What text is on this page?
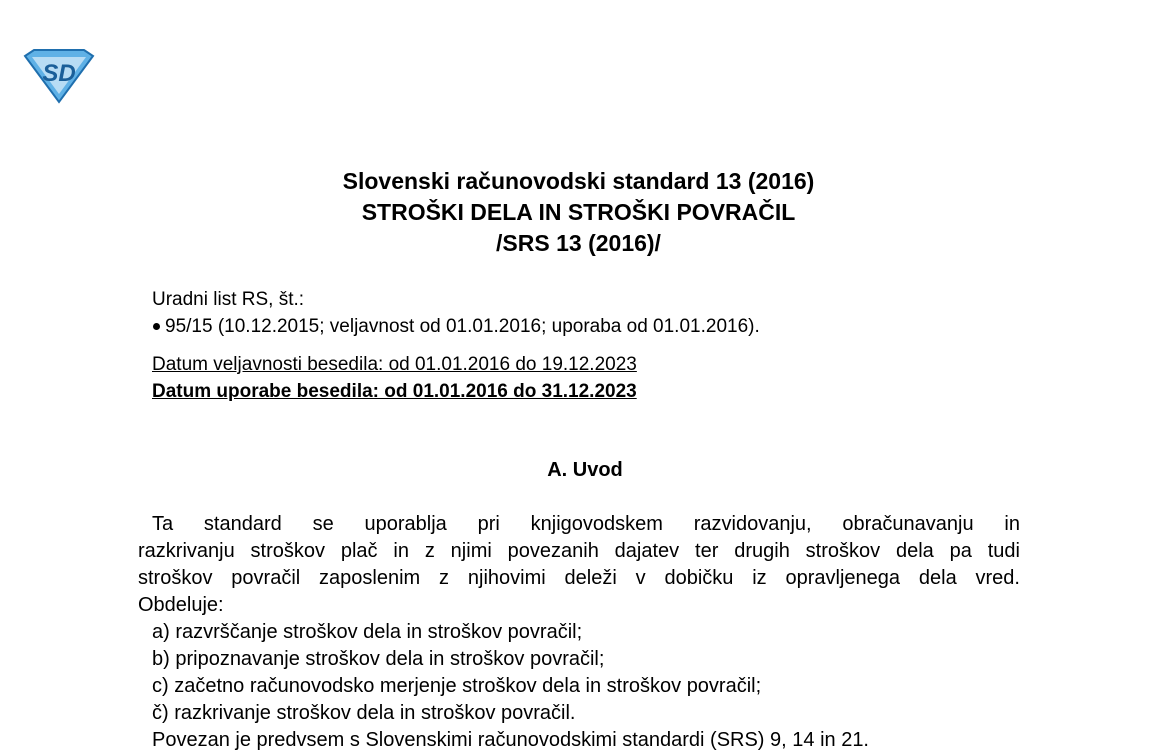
SD
Slovenski računovodski standard 13 (2016)
STROŠKI DELA IN STROŠKI POVRAČIL
/SRS 13 (2016)/
Uradni list RS, št.:
95/15 (10.12.2015; veljavnost od 01.01.2016; uporaba od 01.01.2016).
Datum veljavnosti besedila: od 01.01.2016 do 19.12.2023
Datum uporabe besedila: od 01.01.2016 do 31.12.2023
A. Uvod
Ta standard se uporablja pri knjigovodskem razvidovanju, obračunavanju in
razkrivanju stroškov plač in z njimi povezanih dajatev ter drugih stroškov dela pa tudi
stroškov povračil zaposlenim z njihovimi deleži v dobičku iz opravljenega dela vred.
Obdeluje:
a) razvrščanje stroškov dela in stroškov povračil;
b) pripoznavanje stroškov dela in stroškov povračil;
c) začetno računovodsko merjenje stroškov dela in stroškov povračil;
č) razkrivanje stroškov dela in stroškov povračil.
Povezan je predvsem s Slovenskimi računovodskimi standardi (SRS) 9, 14 in 21.
